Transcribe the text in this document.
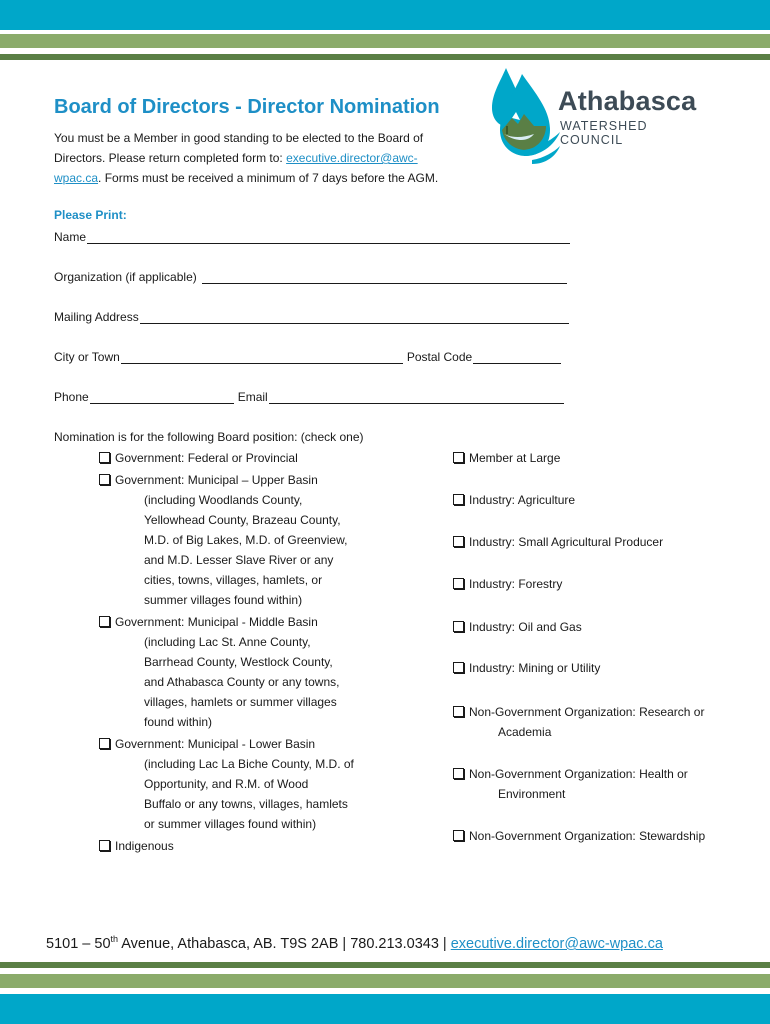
Athabasca
WATERSHED COUNCIL
Board of Directors - Director Nomination
You must be a Member in good standing to be elected to the Board of
Directors. Please return completed form to: executive.director@awc-
wpac.ca. Forms must be received a minimum of 7 days before the AGM.
Please Print:
Name
Organization (if applicable)
Mailing Address
City or Town	Postal Code
Phone	Email
Nomination is for the following Board position: (check one)
Government: Federal or Provincial
Government: Municipal – Upper Basin
(including Woodlands County,
Yellowhead County, Brazeau County,
M.D. of Big Lakes, M.D. of Greenview,
and M.D. Lesser Slave River or any
cities, towns, villages, hamlets, or
summer villages found within)
Government: Municipal - Middle Basin
(including Lac St. Anne County,
Barrhead County, Westlock County,
and Athabasca County or any towns,
villages, hamlets or summer villages
found within)
Government: Municipal - Lower Basin
(including Lac La Biche County, M.D. of
Opportunity, and R.M. of Wood
Buffalo or any towns, villages, hamlets
or summer villages found within)
Indigenous
Member at Large
Industry: Agriculture
Industry: Small Agricultural Producer
Industry: Forestry
Industry: Oil and Gas
Industry: Mining or Utility
Non-Government Organization: Research or
Academia
Non-Government Organization: Health or
Environment
Non-Government Organization: Stewardship
5101 – 50th Avenue, Athabasca, AB. T9S 2AB | 780.213.0343 | executive.director@awc-wpac.ca
